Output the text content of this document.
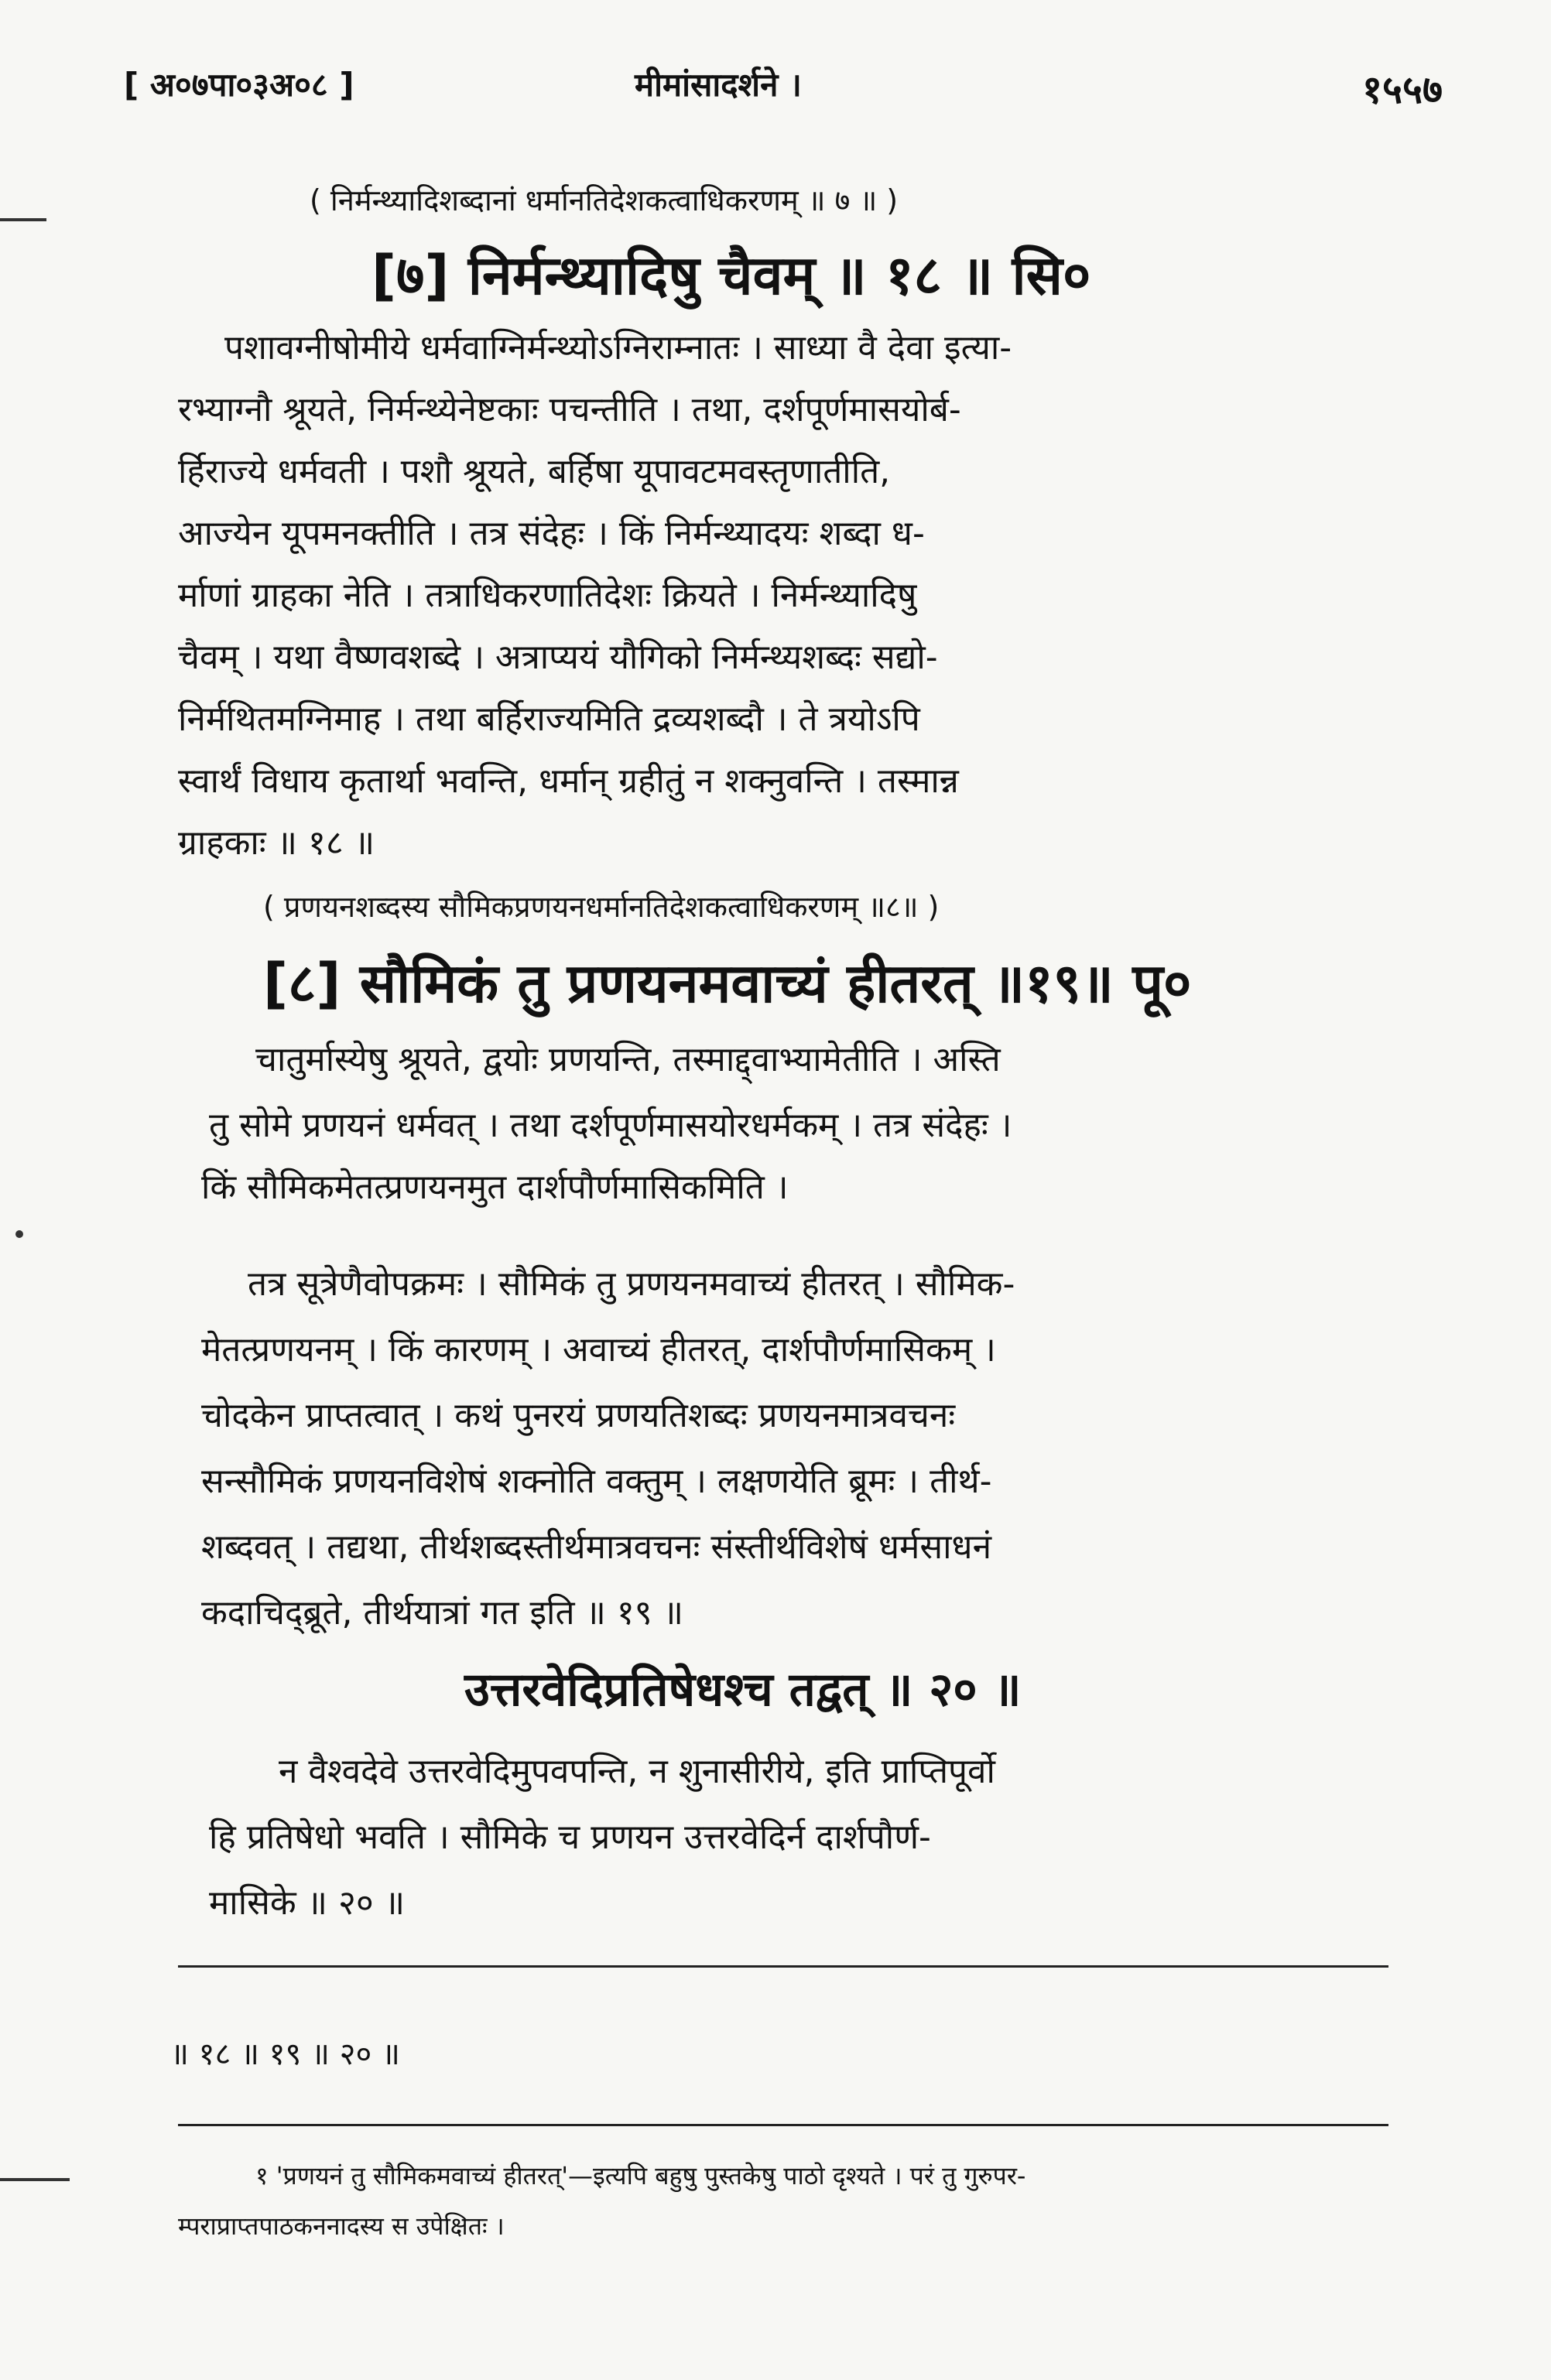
[ अ०७पा०३अ०८ ]	मीमांसादर्शने ।	१५५७
( निर्मन्थ्यादिशब्दानां धर्मानतिदेशकत्वाधिकरणम् ॥ ७ ॥ )
[७] निर्मन्थ्यादिषु चैवम् ॥ १८ ॥ सि०
पशावग्नीषोमीये धर्मवाग्निर्मन्थ्योऽग्निराम्नातः । साध्या वै देवा इत्या-
रभ्याग्नौ श्रूयते, निर्मन्थ्येनेष्टकाः पचन्तीति । तथा, दर्शपूर्णमासयोर्ब-
र्हिराज्ये धर्मवती । पशौ श्रूयते, बर्हिषा यूपावटमवस्तृणातीति,
आज्येन यूपमनक्तीति । तत्र संदेहः । किं निर्मन्थ्यादयः शब्दा ध-
र्माणां ग्राहका नेति । तत्राधिकरणातिदेशः क्रियते । निर्मन्थ्यादिषु
चैवम् । यथा वैष्णवशब्दे । अत्राप्ययं यौगिको निर्मन्थ्यशब्दः सद्यो-
निर्मथितमग्निमाह । तथा बर्हिराज्यमिति द्रव्यशब्दौ । ते त्रयोऽपि
स्वार्थं विधाय कृतार्था भवन्ति, धर्मान् ग्रहीतुं न शक्नुवन्ति । तस्मान्न
ग्राहकाः ॥ १८ ॥
( प्रणयनशब्दस्य सौमिकप्रणयनधर्मानतिदेशकत्वाधिकरणम् ॥८॥ )
[८] सौमिकं तु प्रणयनमवाच्यं हीतरत् ॥१९॥ पू०
चातुर्मास्येषु श्रूयते, द्वयोः प्रणयन्ति, तस्माद्द्वाभ्यामेतीति । अस्ति
तु सोमे प्रणयनं धर्मवत् । तथा दर्शपूर्णमासयोरधर्मकम् । तत्र संदेहः ।
किं सौमिकमेतत्प्रणयनमुत दार्शपौर्णमासिकमिति ।
तत्र सूत्रेणैवोपक्रमः । सौमिकं तु प्रणयनमवाच्यं हीतरत् । सौमिक-
मेतत्प्रणयनम् । किं कारणम् । अवाच्यं हीतरत्, दार्शपौर्णमासिकम् ।
चोदकेन प्राप्तत्वात् । कथं पुनरयं प्रणयतिशब्दः प्रणयनमात्रवचनः
सन्सौमिकं प्रणयनविशेषं शक्नोति वक्तुम् । लक्षणयेति ब्रूमः । तीर्थ-
शब्दवत् । तद्यथा, तीर्थशब्दस्तीर्थमात्रवचनः संस्तीर्थविशेषं धर्मसाधनं
कदाचिद्ब्रूते, तीर्थयात्रां गत इति ॥ १९ ॥
उत्तरवेदिप्रतिषेधश्च तद्वत् ॥ २० ॥
न वैश्वदेवे उत्तरवेदिमुपवपन्ति, न शुनासीरीये, इति प्राप्तिपूर्वो
हि प्रतिषेधो भवति । सौमिके च प्रणयन उत्तरवेदिर्न दार्शपौर्ण-
मासिके ॥ २० ॥
॥ १८ ॥ १९ ॥ २० ॥
१ 'प्रणयनं तु सौमिकमवाच्यं हीतरत्'—इत्यपि बहुषु पुस्तकेषु पाठो दृश्यते । परं तु गुरुपर-
म्पराप्राप्तपाठकननादस्य स उपेक्षितः ।
